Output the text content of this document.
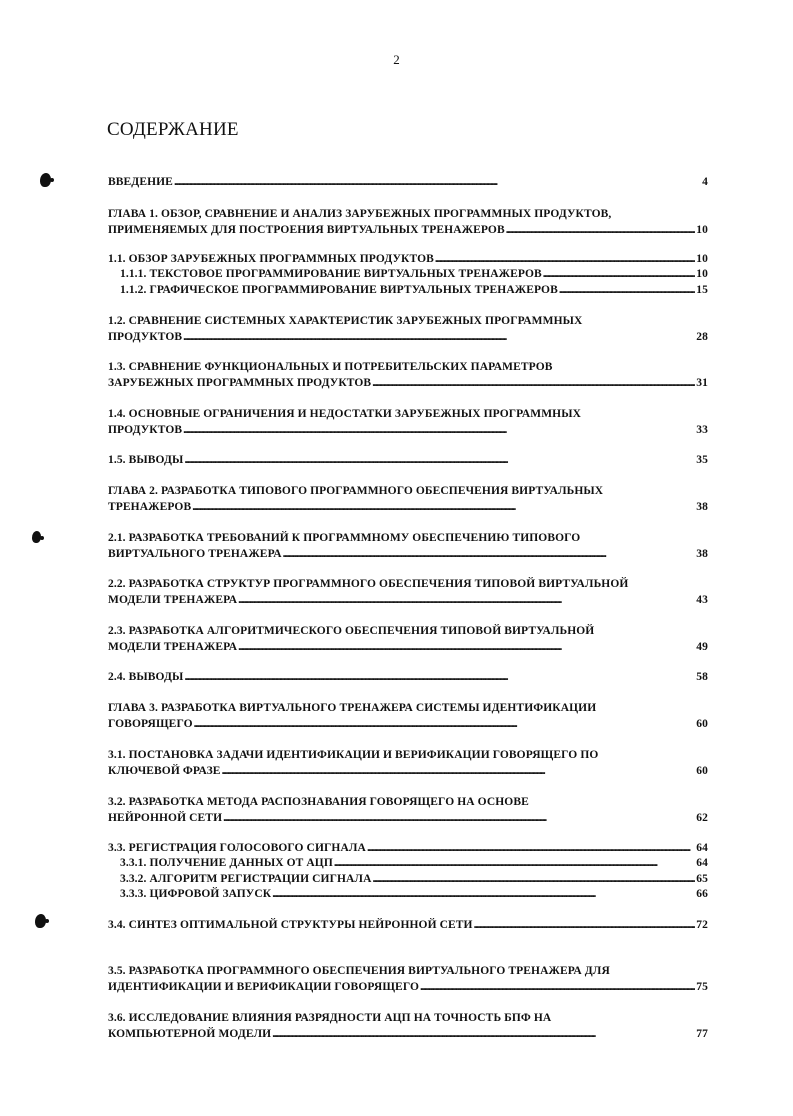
2
СОДЕРЖАНИЕ
ВВЕДЕНИЕ . . .	4
ГЛАВА 1. ОБЗОР, СРАВНЕНИЕ И АНАЛИЗ ЗАРУБЕЖНЫХ ПРОГРАММНЫХ ПРОДУКТОВ,
ПРИМЕНЯЕМЫХ ДЛЯ ПОСТРОЕНИЯ ВИРТУАЛЬНЫХ ТРЕНАЖЕРОВ . . .	10
1.1. ОБЗОР ЗАРУБЕЖНЫХ ПРОГРАММНЫХ ПРОДУКТОВ . . .	10
1.1.1. ТЕКСТОВОЕ ПРОГРАММИРОВАНИЕ ВИРТУАЛЬНЫХ ТРЕНАЖЕРОВ . . .	10
1.1.2. ГРАФИЧЕСКОЕ ПРОГРАММИРОВАНИЕ ВИРТУАЛЬНЫХ ТРЕНАЖЕРОВ . . .	15
1.2. СРАВНЕНИЕ СИСТЕМНЫХ ХАРАКТЕРИСТИК ЗАРУБЕЖНЫХ ПРОГРАММНЫХ
ПРОДУКТОВ . . .	28
1.3. СРАВНЕНИЕ ФУНКЦИОНАЛЬНЫХ И ПОТРЕБИТЕЛЬСКИХ ПАРАМЕТРОВ
ЗАРУБЕЖНЫХ ПРОГРАММНЫХ ПРОДУКТОВ . . .	31
1.4. ОСНОВНЫЕ ОГРАНИЧЕНИЯ И НЕДОСТАТКИ ЗАРУБЕЖНЫХ ПРОГРАММНЫХ
ПРОДУКТОВ . . .	33
1.5. ВЫВОДЫ . . .	35
ГЛАВА 2. РАЗРАБОТКА ТИПОВОГО ПРОГРАММНОГО ОБЕСПЕЧЕНИЯ ВИРТУАЛЬНЫХ
ТРЕНАЖЕРОВ . . .	38
2.1. РАЗРАБОТКА ТРЕБОВАНИЙ К ПРОГРАММНОМУ ОБЕСПЕЧЕНИЮ ТИПОВОГО
ВИРТУАЛЬНОГО ТРЕНАЖЕРА . . .	38
2.2. РАЗРАБОТКА СТРУКТУР ПРОГРАММНОГО ОБЕСПЕЧЕНИЯ ТИПОВОЙ ВИРТУАЛЬНОЙ
МОДЕЛИ ТРЕНАЖЕРА . . .	43
2.3. РАЗРАБОТКА АЛГОРИТМИЧЕСКОГО ОБЕСПЕЧЕНИЯ ТИПОВОЙ ВИРТУАЛЬНОЙ
МОДЕЛИ ТРЕНАЖЕРА . . .	49
2.4. ВЫВОДЫ . . .	58
ГЛАВА 3. РАЗРАБОТКА ВИРТУАЛЬНОГО ТРЕНАЖЕРА СИСТЕМЫ ИДЕНТИФИКАЦИИ
ГОВОРЯЩЕГО . . .	60
3.1. ПОСТАНОВКА ЗАДАЧИ ИДЕНТИФИКАЦИИ И ВЕРИФИКАЦИИ ГОВОРЯЩЕГО ПО
КЛЮЧЕВОЙ ФРАЗЕ . . .	60
3.2. РАЗРАБОТКА МЕТОДА РАСПОЗНАВАНИЯ ГОВОРЯЩЕГО НА ОСНОВЕ
НЕЙРОННОЙ СЕТИ . . .	62
3.3. РЕГИСТРАЦИЯ ГОЛОСОВОГО СИГНАЛА . . .	64
3.3.1. ПОЛУЧЕНИЕ ДАННЫХ ОТ АЦП . . .	64
3.3.2. АЛГОРИТМ РЕГИСТРАЦИИ СИГНАЛА . . .	65
3.3.3. ЦИФРОВОЙ ЗАПУСК . . .	66
3.4. СИНТЕЗ ОПТИМАЛЬНОЙ СТРУКТУРЫ НЕЙРОННОЙ СЕТИ . . .	72
3.5. РАЗРАБОТКА ПРОГРАММНОГО ОБЕСПЕЧЕНИЯ ВИРТУАЛЬНОГО ТРЕНАЖЕРА ДЛЯ
ИДЕНТИФИКАЦИИ И ВЕРИФИКАЦИИ ГОВОРЯЩЕГО . . .	75
3.6. ИССЛЕДОВАНИЕ ВЛИЯНИЯ РАЗРЯДНОСТИ АЦП НА ТОЧНОСТЬ БПФ НА
КОМПЬЮТЕРНОЙ МОДЕЛИ . . .	77
